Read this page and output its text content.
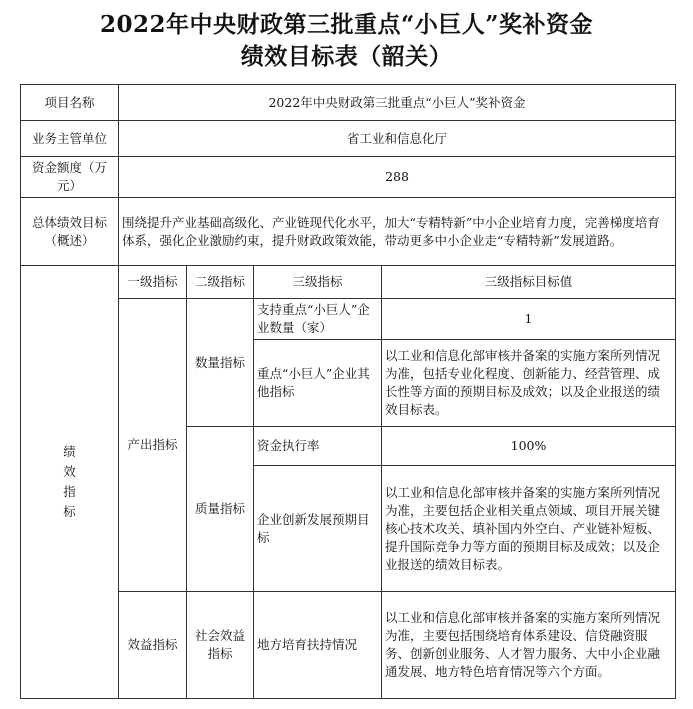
2022年中央财政第三批重点“小巨人”奖补资金
绩效目标表（韶关）
项目名称	2022年中央财政第三批重点“小巨人”奖补资金			
业务主管单位	省工业和信息化厅			
资金额度（万元）	288			
总体绩效目标（概述）	围绕提升产业基础高级化、产业链现代化水平，加大“专精特新”中小企业培育力度，完善梯度培育体系，强化企业激励约束，提升财政政策效能，带动更多中小企业走“专精特新”发展道路。			
绩效指标	一级指标	二级指标	三级指标	三级指标目标值
	产出指标	数量指标	支持重点“小巨人”企业数量（家）	1
			重点“小巨人”企业其他指标	以工业和信息化部审核并备案的实施方案所列情况为准，包括专业化程度、创新能力、经营管理、成长性等方面的预期目标及成效；以及企业报送的绩效目标表。
		质量指标	资金执行率	100%
			企业创新发展预期目标	以工业和信息化部审核并备案的实施方案所列情况为准，主要包括企业相关重点领域、项目开展关键核心技术攻关、填补国内外空白、产业链补短板、提升国际竞争力等方面的预期目标及成效；以及企业报送的绩效目标表。
	效益指标	社会效益指标	地方培育扶持情况	以工业和信息化部审核并备案的实施方案所列情况为准，主要包括围绕培育体系建设、信贷融资服务、创新创业服务、人才智力服务、大中小企业融通发展、地方特色培育情况等六个方面。
